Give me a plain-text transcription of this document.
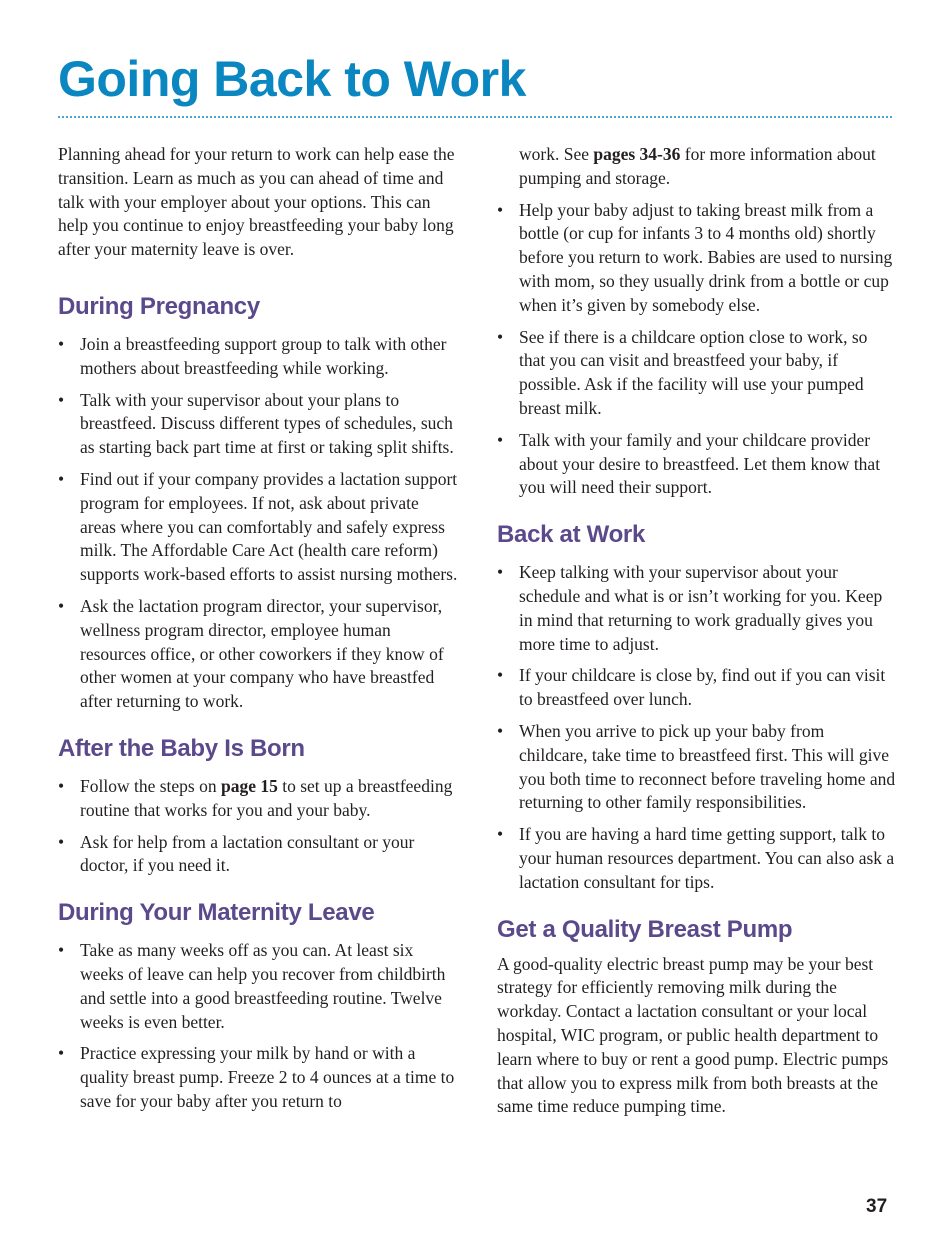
Going Back to Work

Planning ahead for your return to work can help ease the transition. Learn as much as you can ahead of time and talk with your employer about your options. This can help you continue to enjoy breastfeeding your baby long after your maternity leave is over.

During Pregnancy
• Join a breastfeeding support group to talk with other mothers about breastfeeding while working.
• Talk with your supervisor about your plans to breastfeed. Discuss different types of schedules, such as starting back part time at first or taking split shifts.
• Find out if your company provides a lactation support program for employees. If not, ask about private areas where you can comfortably and safely express milk. The Affordable Care Act (health care reform) supports work-based efforts to assist nursing mothers.
• Ask the lactation program director, your supervisor, wellness program director, employee human resources office, or other coworkers if they know of other women at your company who have breastfed after returning to work.
After the Baby Is Born
• Follow the steps on page 15 to set up a breastfeeding routine that works for you and your baby.
• Ask for help from a lactation consultant or your doctor, if you need it.
During Your Maternity Leave
• Take as many weeks off as you can. At least six weeks of leave can help you recover from childbirth and settle into a good breastfeeding routine. Twelve weeks is even better.
• Practice expressing your milk by hand or with a quality breast pump. Freeze 2 to 4 ounces at a time to save for your baby after you return to
work. See pages 34-36 for more information about pumping and storage.
• Help your baby adjust to taking breast milk from a bottle (or cup for infants 3 to 4 months old) shortly before you return to work. Babies are used to nursing with mom, so they usually drink from a bottle or cup when it’s given by somebody else.
• See if there is a childcare option close to work, so that you can visit and breastfeed your baby, if possible. Ask if the facility will use your pumped breast milk.
• Talk with your family and your childcare provider about your desire to breastfeed. Let them know that you will need their support.
Back at Work
• Keep talking with your supervisor about your schedule and what is or isn’t working for you. Keep in mind that returning to work gradually gives you more time to adjust.
• If your childcare is close by, find out if you can visit to breastfeed over lunch.
• When you arrive to pick up your baby from childcare, take time to breastfeed first. This will give you both time to reconnect before traveling home and returning to other family responsibilities.
• If you are having a hard time getting support, talk to your human resources department. You can also ask a lactation consultant for tips.
Get a Quality Breast Pump

A good-quality electric breast pump may be your best strategy for efficiently removing milk during the workday. Contact a lactation consultant or your local hospital, WIC program, or public health department to learn where to buy or rent a good pump. Electric pumps that allow you to express milk from both breasts at the same time reduce pumping time.

37
